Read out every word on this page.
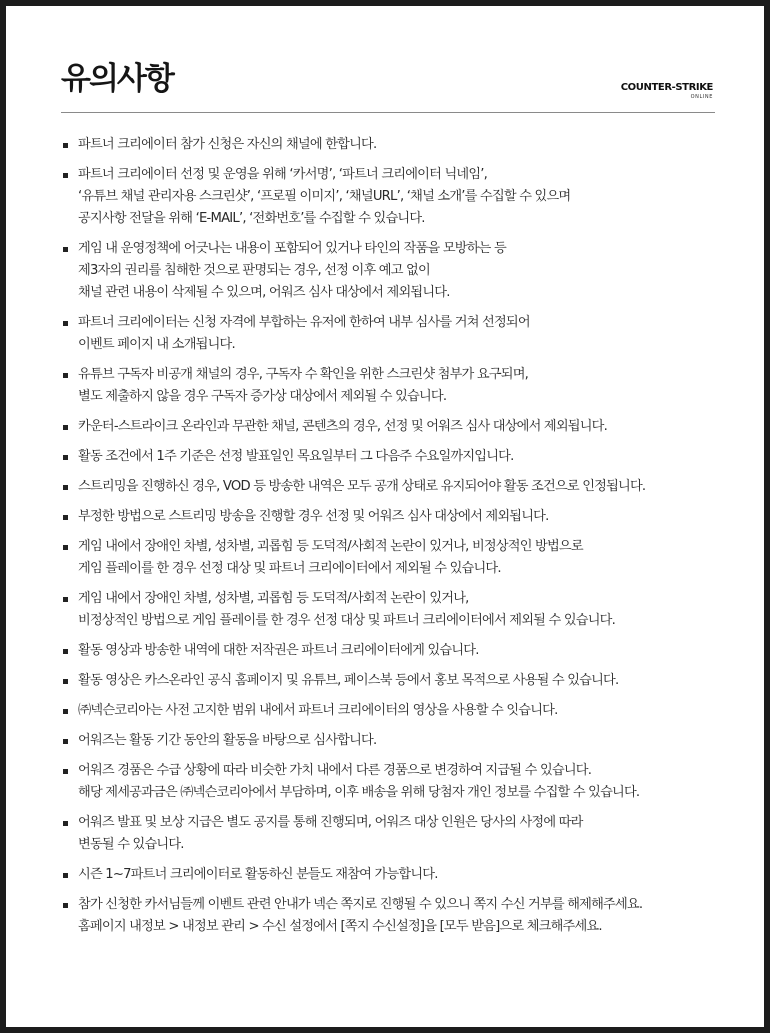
유의사항	COUNTER-STRIKE
ONLINE
파트너 크리에이터 참가 신청은 자신의 채널에 한합니다.
파트너 크리에이터 선정 및 운영을 위해 ‘카서명’, ‘파트너 크리에이터 닉네임’,
‘유튜브 채널 관리자용 스크린샷’, ‘프로필 이미지’, ‘채널URL’, ‘채널 소개’를 수집할 수 있으며
공지사항 전달을 위해 ‘E-MAIL’, ‘전화번호’를 수집할 수 있습니다.
게임 내 운영정책에 어긋나는 내용이 포함되어 있거나 타인의 작품을 모방하는 등
제3자의 권리를 침해한 것으로 판명되는 경우, 선정 이후 예고 없이
채널 관련 내용이 삭제될 수 있으며, 어워즈 심사 대상에서 제외됩니다.
파트너 크리에이터는 신청 자격에 부합하는 유저에 한하여 내부 심사를 거쳐 선정되어
이벤트 페이지 내 소개됩니다.
유튜브 구독자 비공개 채널의 경우, 구독자 수 확인을 위한 스크린샷 첨부가 요구되며,
별도 제출하지 않을 경우 구독자 증가상 대상에서 제외될 수 있습니다.
카운터-스트라이크 온라인과 무관한 채널, 콘텐츠의 경우, 선정 및 어워즈 심사 대상에서 제외됩니다.
활동 조건에서 1주 기준은 선정 발표일인 목요일부터 그 다음주 수요일까지입니다.
스트리밍을 진행하신 경우, VOD 등 방송한 내역은 모두 공개 상태로 유지되어야 활동 조건으로 인정됩니다.
부정한 방법으로 스트리밍 방송을 진행할 경우 선정 및 어워즈 심사 대상에서 제외됩니다.
게임 내에서 장애인 차별, 성차별, 괴롭힘 등 도덕적/사회적 논란이 있거나, 비정상적인 방법으로
게임 플레이를 한 경우 선정 대상 및 파트너 크리에이터에서 제외될 수 있습니다.
게임 내에서 장애인 차별, 성차별, 괴롭힘 등 도덕적/사회적 논란이 있거나,
비정상적인 방법으로 게임 플레이를 한 경우 선정 대상 및 파트너 크리에이터에서 제외될 수 있습니다.
활동 영상과 방송한 내역에 대한 저작권은 파트너 크리에이터에게 있습니다.
활동 영상은 카스온라인 공식 홈페이지 및 유튜브, 페이스북 등에서 홍보 목적으로 사용될 수 있습니다.
㈜넥슨코리아는 사전 고지한 범위 내에서 파트너 크리에이터의 영상을 사용할 수 잇습니다.
어워즈는 활동 기간 동안의 활동을 바탕으로 심사합니다.
어워즈 경품은 수급 상황에 따라 비슷한 가치 내에서 다른 경품으로 변경하여 지급될 수 있습니다.
해당 제세공과금은 ㈜넥슨코리아에서 부담하며, 이후 배송을 위해 당첨자 개인 정보를 수집할 수 있습니다.
어워즈 발표 및 보상 지급은 별도 공지를 통해 진행되며, 어워즈 대상 인원은 당사의 사정에 따라
변동될 수 있습니다.
시즌 1~7파트너 크리에이터로 활동하신 분들도 재참여 가능합니다.
참가 신청한 카서님들께 이벤트 관련 안내가 넥슨 쪽지로 진행될 수 있으니 쪽지 수신 거부를 해제해주세요.
홈페이지 내정보 > 내정보 관리 > 수신 설정에서 [쪽지 수신설정]을 [모두 받음]으로 체크해주세요.
